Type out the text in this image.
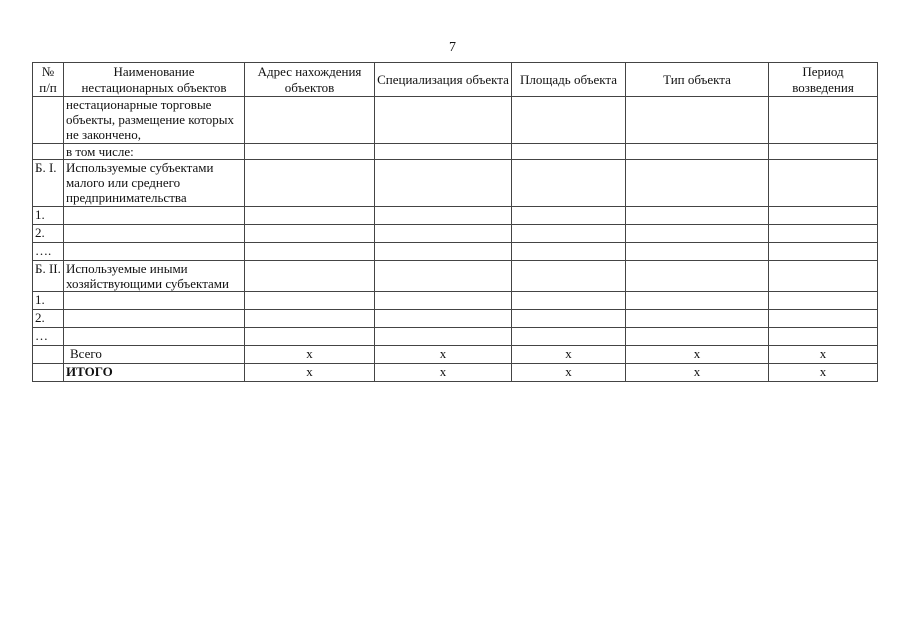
7
№ п/п	Наименование нестационарных объектов	Адрес нахождения объектов	Специализация объекта	Площадь объекта	Тип объекта	Период возведения
	нестационарные торговые объекты, размещение которых не закончено,					
	в том числе:					
Б. I.	Используемые субъектами малого или среднего предпринимательства					
1.						
2.						
….						
Б. II.	Используемые иными хозяйствующими субъектами					
1.						
2.						
…						
	Всего	x	x	x	x	x
	ИТОГО	x	x	x	x	x
